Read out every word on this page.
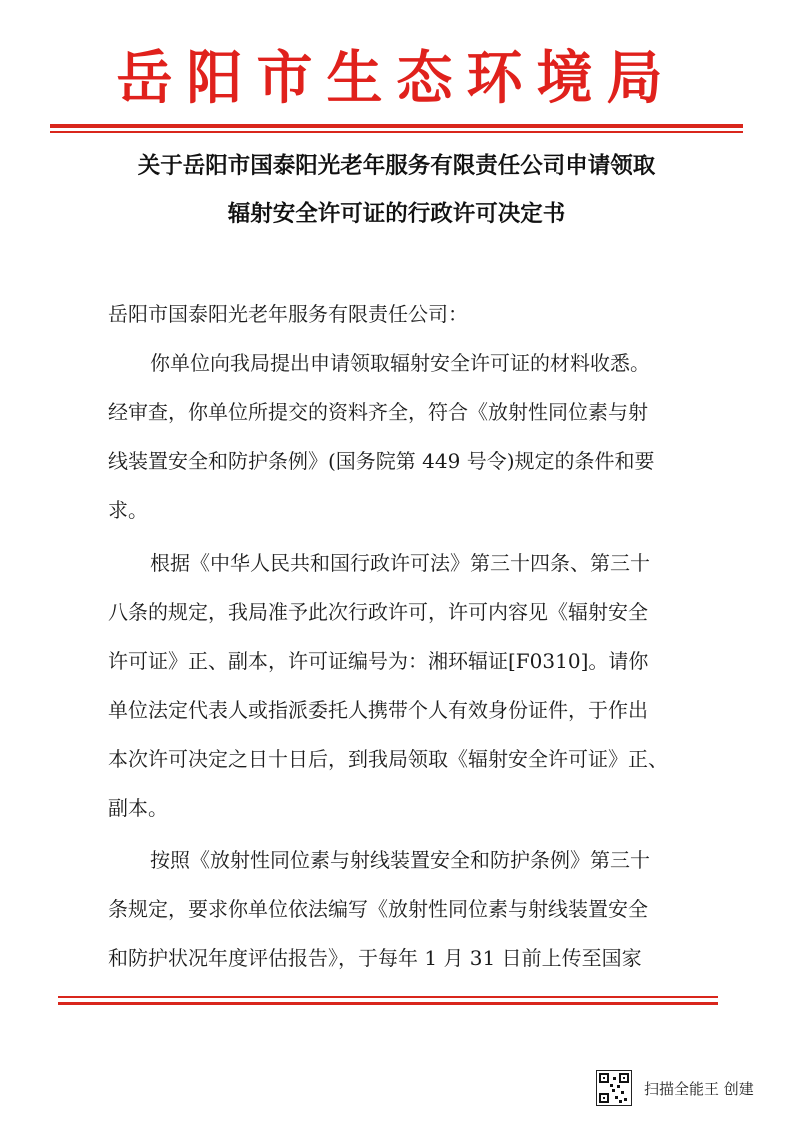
岳阳市生态环境局
关于岳阳市国泰阳光老年服务有限责任公司申请领取
辐射安全许可证的行政许可决定书
岳阳市国泰阳光老年服务有限责任公司：
你单位向我局提出申请领取辐射安全许可证的材料收悉。
经审查，你单位所提交的资料齐全，符合《放射性同位素与射
线装置安全和防护条例》(国务院第 449 号令)规定的条件和要
求。
根据《中华人民共和国行政许可法》第三十四条、第三十
八条的规定，我局准予此次行政许可，许可内容见《辐射安全
许可证》正、副本，许可证编号为：湘环辐证[F0310]。请你
单位法定代表人或指派委托人携带个人有效身份证件，于作出
本次许可决定之日十日后，到我局领取《辐射安全许可证》正、
副本。
按照《放射性同位素与射线装置安全和防护条例》第三十
条规定，要求你单位依法编写《放射性同位素与射线装置安全
和防护状况年度评估报告》，于每年 1 月 31 日前上传至国家
扫描全能王 创建
